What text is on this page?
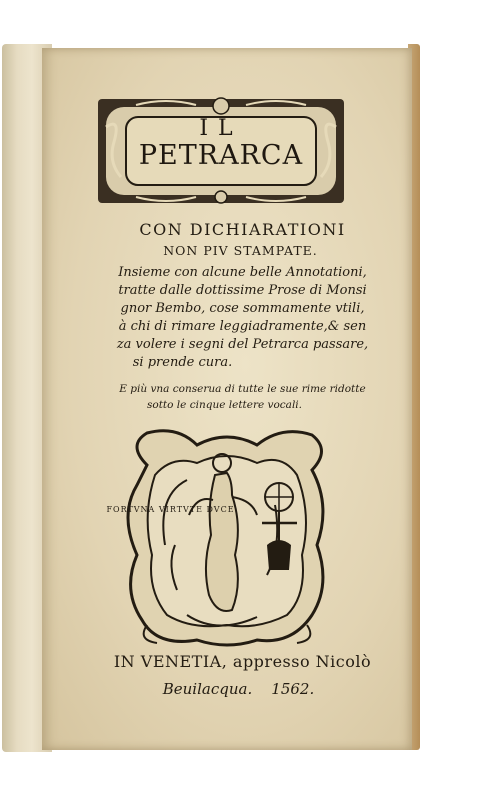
IL
PETRARCA
CON DICHIARATIONI
NON PIV STAMPATE.
Insieme con alcune belle Annotationi,
tratte dalle dottissime Prose di Monsi
gnor Bembo, cose sommamente vtili,
à chi di rimare leggiadramente,& sen
za volere i segni del Petrarca passare,
si prende cura.
E più vna conserua di tutte le sue rime ridotte
sotto le cinque lettere vocali.
FORTVNA VIRTVTE DVCE
IN VENETIA, appresso Nicolò
Beuilacqua.    1562.
